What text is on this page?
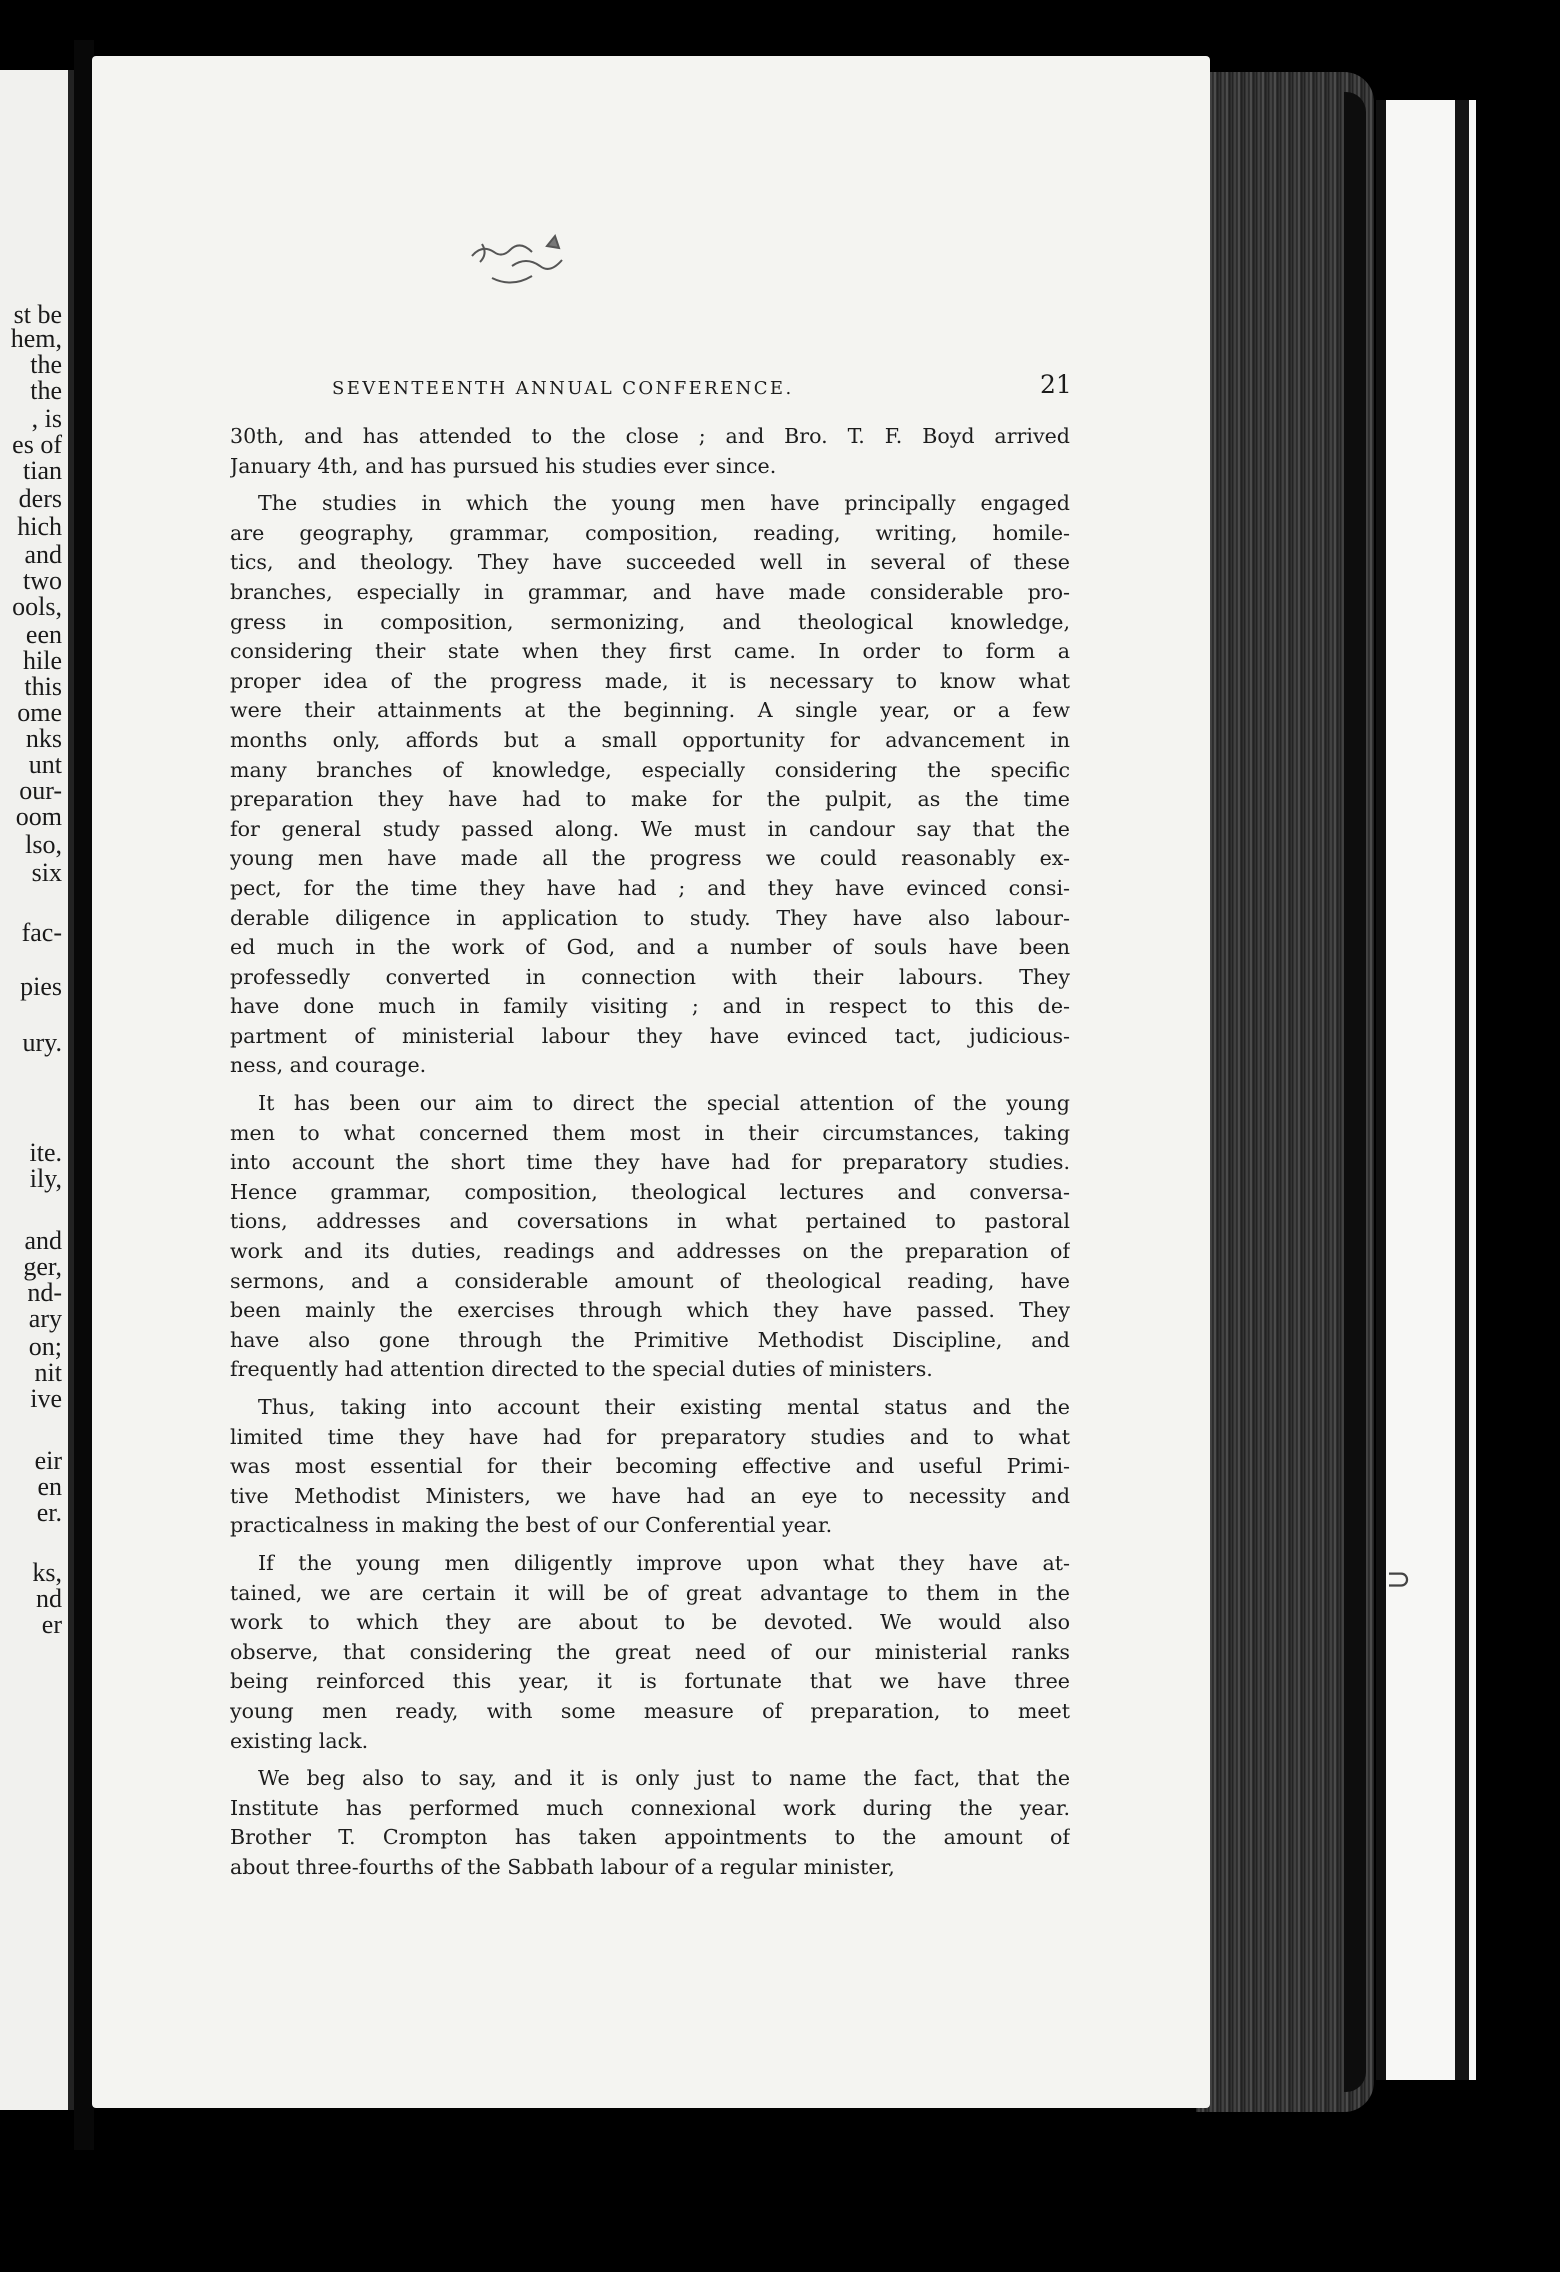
st be
hem,
the
the
, is
es of
tian
ders
hich
and
two
ools,
een
hile
this
ome
nks
unt
our-
oom
lso,
six
fac-
pies
ury.
ite.
ily,
and
ger,
nd-
ary
on;
nit
ive
eir
en
er.
ks,
nd
er
SEVENTEENTH ANNUAL CONFERENCE.	21
30th, and has attended to the close ; and Bro. T. F. Boyd arrived
January 4th, and has pursued his studies ever since.
The studies in which the young men have principally engaged
are geography, grammar, composition, reading, writing, homile-
tics, and theology. They have succeeded well in several of these
branches, especially in grammar, and have made considerable pro-
gress in composition, sermonizing, and theological knowledge,
considering their state when they first came. In order to form a
proper idea of the progress made, it is necessary to know what
were their attainments at the beginning. A single year, or a few
months only, affords but a small opportunity for advancement in
many branches of knowledge, especially considering the specific
preparation they have had to make for the pulpit, as the time
for general study passed along. We must in candour say that the
young men have made all the progress we could reasonably ex-
pect, for the time they have had ; and they have evinced consi-
derable diligence in application to study. They have also labour-
ed much in the work of God, and a number of souls have been
professedly converted in connection with their labours. They
have done much in family visiting ; and in respect to this de-
partment of ministerial labour they have evinced tact, judicious-
ness, and courage.
It has been our aim to direct the special attention of the young
men to what concerned them most in their circumstances, taking
into account the short time they have had for preparatory studies.
Hence grammar, composition, theological lectures and conversa-
tions, addresses and coversations in what pertained to pastoral
work and its duties, readings and addresses on the preparation of
sermons, and a considerable amount of theological reading, have
been mainly the exercises through which they have passed. They
have also gone through the Primitive Methodist Discipline, and
frequently had attention directed to the special duties of ministers.
Thus, taking into account their existing mental status and the
limited time they have had for preparatory studies and to what
was most essential for their becoming effective and useful Primi-
tive Methodist Ministers, we have had an eye to necessity and
practicalness in making the best of our Conferential year.
If the young men diligently improve upon what they have at-
tained, we are certain it will be of great advantage to them in the
work to which they are about to be devoted. We would also
observe, that considering the great need of our ministerial ranks
being reinforced this year, it is fortunate that we have three
young men ready, with some measure of preparation, to meet
existing lack.
We beg also to say, and it is only just to name the fact, that the
Institute has performed much connexional work during the year.
Brother T. Crompton has taken appointments to the amount of
about three-fourths of the Sabbath labour of a regular minister,
⊃
